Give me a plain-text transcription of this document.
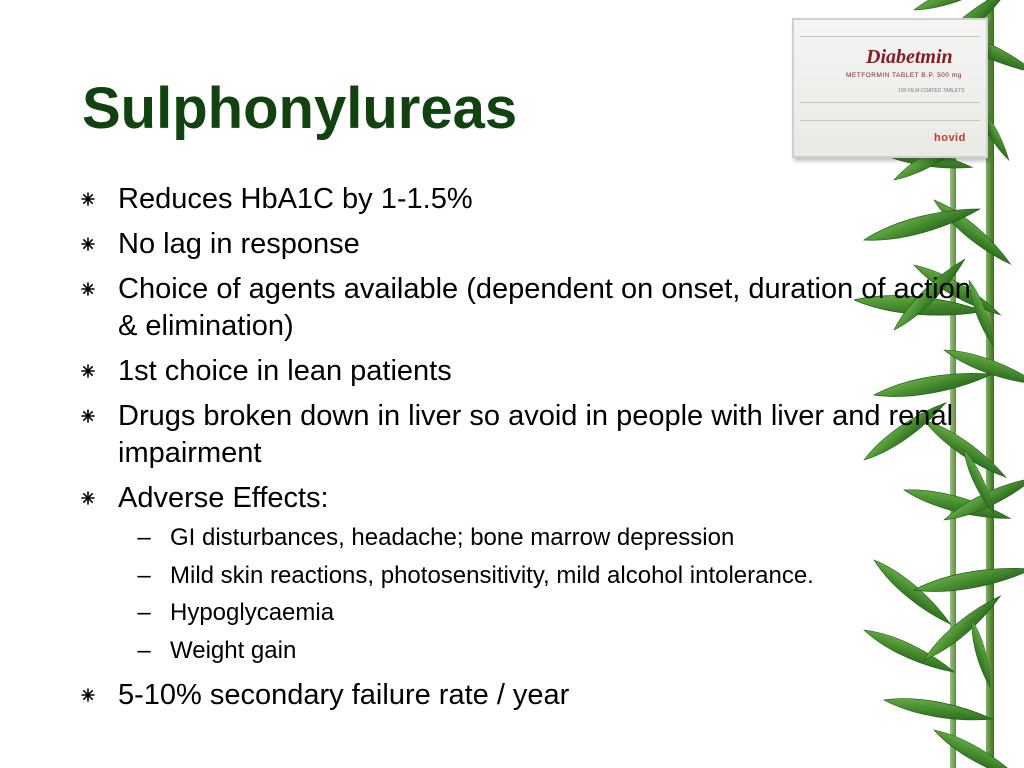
Diabetmin
METFORMIN TABLET B.P. 500 mg
100 FILM-COATED TABLETS
hovid
Sulphonylureas
Reduces HbA1C by 1-1.5%
No lag in response
Choice of agents available (dependent on onset, duration of action & elimination)
1st choice in lean patients
Drugs broken down in liver so avoid in people with liver and renal impairment
Adverse Effects:
– GI disturbances, headache; bone marrow depression
– Mild skin reactions, photosensitivity, mild alcohol intolerance.
– Hypoglycaemia
– Weight gain
5-10% secondary failure rate / year
